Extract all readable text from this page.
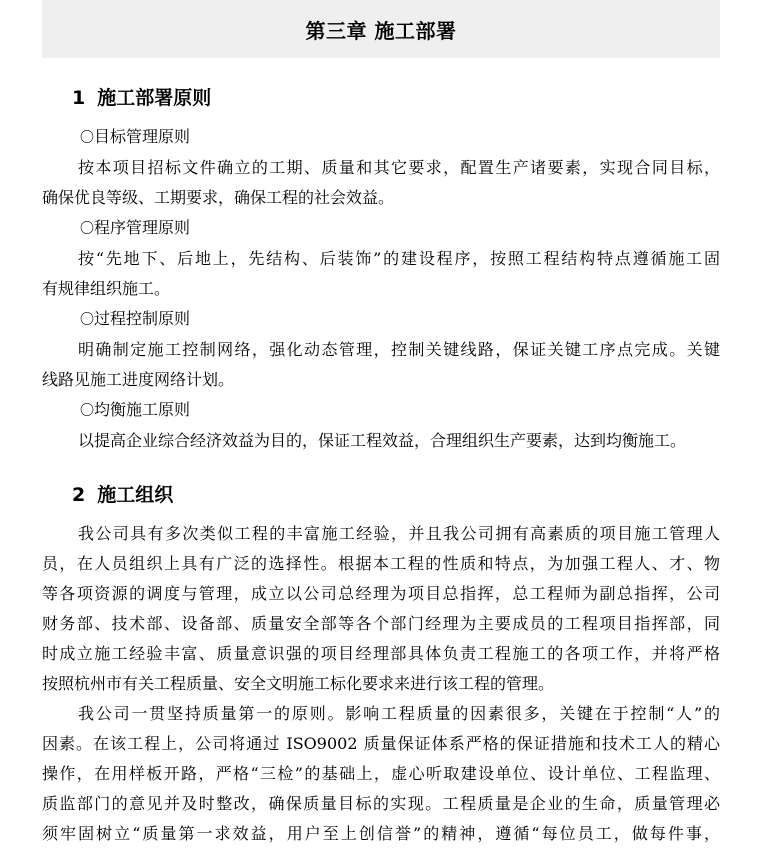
第三章 施工部署
1 施工部署原则
〇目标管理原则
按本项目招标文件确立的工期、质量和其它要求，配置生产诸要素，实现合同目标，
确保优良等级、工期要求，确保工程的社会效益。
〇程序管理原则
按“先地下、后地上，先结构、后装饰”的建设程序，按照工程结构特点遵循施工固
有规律组织施工。
〇过程控制原则
明确制定施工控制网络，强化动态管理，控制关键线路，保证关键工序点完成。关键
线路见施工进度网络计划。
〇均衡施工原则
以提高企业综合经济效益为目的，保证工程效益，合理组织生产要素，达到均衡施工。
2 施工组织
我公司具有多次类似工程的丰富施工经验，并且我公司拥有高素质的项目施工管理人
员，在人员组织上具有广泛的选择性。根据本工程的性质和特点，为加强工程人、才、物
等各项资源的调度与管理，成立以公司总经理为项目总指挥，总工程师为副总指挥，公司
财务部、技术部、设备部、质量安全部等各个部门经理为主要成员的工程项目指挥部，同
时成立施工经验丰富、质量意识强的项目经理部具体负责工程施工的各项工作，并将严格
按照杭州市有关工程质量、安全文明施工标化要求来进行该工程的管理。
我公司一贯坚持质量第一的原则。影响工程质量的因素很多，关键在于控制“人”的
因素。在该工程上，公司将通过 ISO9002 质量保证体系严格的保证措施和技术工人的精心
操作，在用样板开路，严格“三检”的基础上，虚心听取建设单位、设计单位、工程监理、
质监部门的意见并及时整改，确保质量目标的实现。工程质量是企业的生命，质量管理必
须牢固树立“质量第一求效益，用户至上创信誉”的精神，遵循“每位员工，做每件事，
